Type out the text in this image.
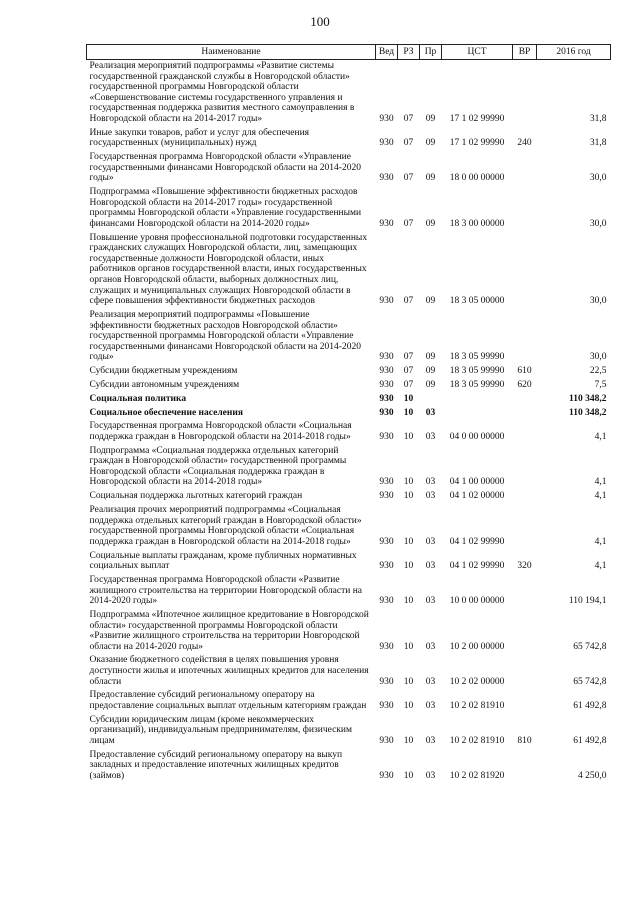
100
Наименование	Вед	РЗ	Пр	ЦСТ	ВР	2016 год
Реализация мероприятий подпрограммы «Развитие системы государственной гражданской службы в Новгородской области» государственной программы Новгородской области «Совершенствование системы государственного управления и государственная поддержка развития местного самоуправления в Новгородской области на 2014-2017 годы»	930	07	09	17 1 02 99990		31,8
Иные закупки товаров, работ и услуг для обеспечения государственных (муниципальных) нужд	930	07	09	17 1 02 99990	240	31,8
Государственная программа Новгородской области «Управление государственными финансами Новгородской области на 2014-2020 годы»	930	07	09	18 0 00 00000		30,0
Подпрограмма «Повышение эффективности бюджетных расходов Новгородской области на 2014-2017 годы» государственной программы Новгородской области «Управление государственными финансами Новгородской области на 2014-2020 годы»	930	07	09	18 3 00 00000		30,0
Повышение уровня профессиональной подготовки государственных гражданских служащих Новгородской области, лиц, замещающих государственные должности Новгородской области, иных работников органов государственной власти, иных государственных органов Новгородской области, выборных должностных лиц, служащих и муниципальных служащих Новгородской области в сфере повышения эффективности бюджетных расходов	930	07	09	18 3 05 00000		30,0
Реализация мероприятий подпрограммы «Повышение эффективности бюджетных расходов Новгородской области» государственной программы Новгородской области «Управление государственными финансами Новгородской области на 2014-2020 годы»	930	07	09	18 3 05 99990		30,0
Субсидии бюджетным учреждениям	930	07	09	18 3 05 99990	610	22,5
Субсидии автономным учреждениям	930	07	09	18 3 05 99990	620	7,5
Социальная политика	930	10				110 348,2
Социальное обеспечение населения	930	10	03			110 348,2
Государственная программа Новгородской области «Социальная поддержка граждан в Новгородской области на 2014-2018 годы»	930	10	03	04 0 00 00000		4,1
Подпрограмма «Социальная поддержка отдельных категорий граждан в Новгородской области» государственной программы Новгородской области «Социальная поддержка граждан в Новгородской области на 2014-2018 годы»	930	10	03	04 1 00 00000		4,1
Социальная поддержка льготных категорий граждан	930	10	03	04 1 02 00000		4,1
Реализация прочих мероприятий подпрограммы «Социальная поддержка отдельных категорий граждан в Новгородской области» государственной программы Новгородской области «Социальная поддержка граждан в Новгородской области на 2014-2018 годы»	930	10	03	04 1 02 99990		4,1
Социальные выплаты гражданам, кроме публичных нормативных социальных выплат	930	10	03	04 1 02 99990	320	4,1
Государственная программа Новгородской области «Развитие жилищного строительства на территории Новгородской области на 2014-2020 годы»	930	10	03	10 0 00 00000		110 194,1
Подпрограмма «Ипотечное жилищное кредитование в Новгородской области» государственной программы Новгородской области «Развитие жилищного строительства на территории Новгородской области на 2014-2020 годы»	930	10	03	10 2 00 00000		65 742,8
Оказание бюджетного содействия в целях повышения уровня доступности жилья и ипотечных жилищных кредитов для населения области	930	10	03	10 2 02 00000		65 742,8
Предоставление субсидий региональному оператору на предоставление социальных выплат отдельным категориям граждан	930	10	03	10 2 02 81910		61 492,8
Субсидии юридическим лицам (кроме некоммерческих организаций), индивидуальным предпринимателям, физическим лицам	930	10	03	10 2 02 81910	810	61 492,8
Предоставление субсидий региональному оператору на выкуп закладных и предоставление ипотечных жилищных кредитов (займов)	930	10	03	10 2 02 81920		4 250,0
